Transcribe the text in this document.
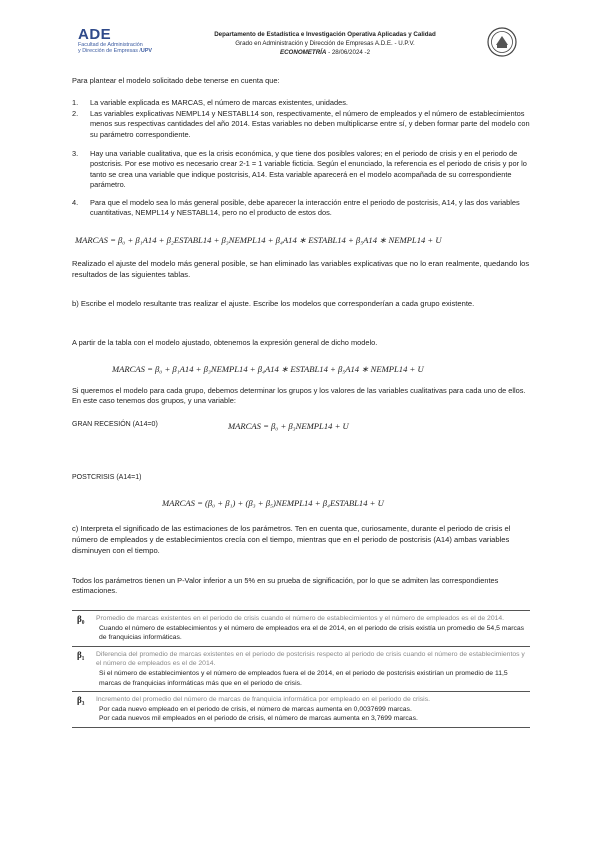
ADE
Facultad de Administración
y Dirección de Empresas /UPV
Departamento de Estadística e Investigación Operativa Aplicadas y Calidad
Grado en Administración y Dirección de Empresas A.D.E. - U.P.V.
ECONOMETRÍA - 28/06/2024 -2
Para plantear el modelo solicitado debe tenerse en cuenta que:
1. La variable explicada es MARCAS, el número de marcas existentes, unidades.
2. Las variables explicativas NEMPL14 y NESTABL14 son, respectivamente, el número de empleados y el número de establecimientos menos sus respectivas cantidades del año 2014. Estas variables no deben multiplicarse entre sí, y deben formar parte del modelo con su parámetro correspondiente.
3. Hay una variable cualitativa, que es la crisis económica, y que tiene dos posibles valores; en el periodo de crisis y en el periodo de postcrisis. Por ese motivo es necesario crear 2-1 = 1 variable ficticia. Según el enunciado, la referencia es el periodo de crisis y por lo tanto se crea una variable que indique postcrisis, A14. Esta variable aparecerá en el modelo acompañada de su correspondiente parámetro.
4. Para que el modelo sea lo más general posible, debe aparecer la interacción entre el periodo de postcrisis, A14, y las dos variables cuantitativas, NEMPL14 y NESTABL14, pero no el producto de estos dos.
MARCAS = β₀ + β₁A14 + β₂ESTABL14 + β₃NEMPL14 + β₄A14 ∗ ESTABL14 + β₅A14 ∗ NEMPL14 + U
Realizado el ajuste del modelo más general posible, se han eliminado las variables explicativas que no lo eran realmente, quedando los resultados de las siguientes tablas.
b) Escribe el modelo resultante tras realizar el ajuste. Escribe los modelos que corresponderían a cada grupo existente.
A partir de la tabla con el modelo ajustado, obtenemos la expresión general de dicho modelo.
MARCAS = β₀ + β₁A14 + β₃NEMPL14 + β₄A14 ∗ ESTABL14 + β₅A14 ∗ NEMPL14 + U
Si queremos el modelo para cada grupo, debemos determinar los grupos y los valores de las variables cualitativas para cada uno de ellos. En este caso tenemos dos grupos, y una variable:
GRAN RECESIÓN (A14=0)	MARCAS = β₀ + β₃NEMPL14 + U
POSTCRISIS (A14=1)
MARCAS = (β₀ + β₁) + (β₃ + β₅)NEMPL14 + β₄ESTABL14 + U
c) Interpreta el significado de las estimaciones de los parámetros. Ten en cuenta que, curiosamente, durante el periodo de crisis el número de empleados y de establecimientos crecía con el tiempo, mientras que en el periodo de postcrisis (A14) ambas variables disminuyen con el tiempo.
Todos los parámetros tienen un P-Valor inferior a un 5% en su prueba de significación, por lo que se admiten las correspondientes estimaciones.
β₀	Promedio de marcas existentes en el periodo de crisis cuando el número de establecimientos y el número de empleados es el de 2014.
Cuando el número de establecimientos y el número de empleados era el de 2014, en el periodo de crisis existía un promedio de 54,5 marcas de franquicias informáticas.
β₁	Diferencia del promedio de marcas existentes en el periodo de postcrisis respecto al periodo de crisis cuando el número de establecimientos y el número de empleados es el de 2014.
Si el número de establecimientos y el número de empleados fuera el de 2014, en el periodo de postcrisis existirían un promedio de 11,5 marcas de franquicias informáticas más que en el periodo de crisis.
β₃	Incremento del promedio del número de marcas de franquicia informática por empleado en el periodo de crisis.
Por cada nuevo empleado en el periodo de crisis, el número de marcas aumenta en 0,0037699 marcas.
Por cada nuevos mil empleados en el periodo de crisis, el número de marcas aumenta en 3,7699 marcas.
